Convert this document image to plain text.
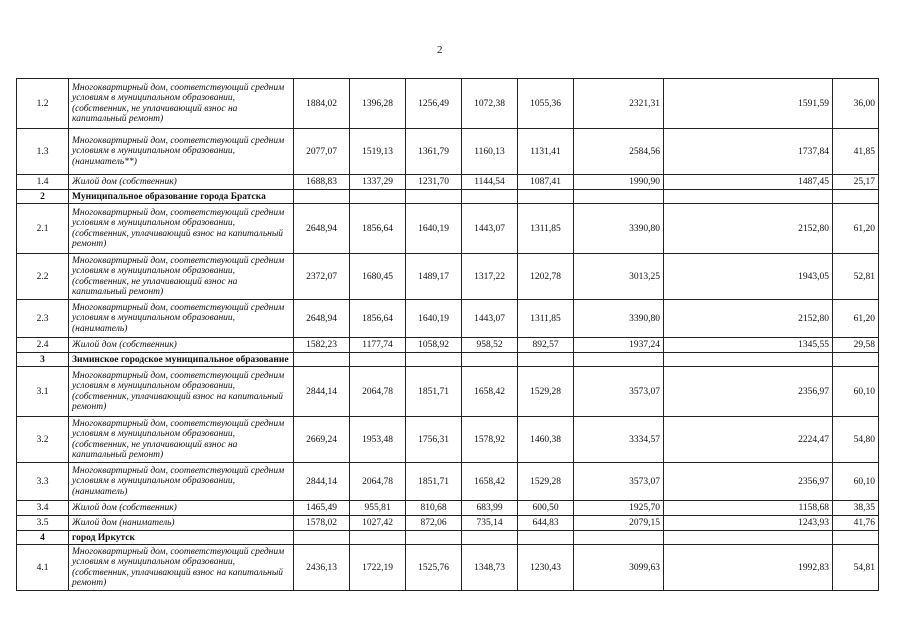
2
1.2	Многоквартирный дом, соответствующий средним условиям в муниципальном образовании, (собственник, не уплачивающий взнос на капитальный ремонт)	1884,02	1396,28	1256,49	1072,38	1055,36	2321,31	1591,59	36,00
1.3	Многоквартирный дом, соответствующий средним условиям в муниципальном образовании, (наниматель**)	2077,07	1519,13	1361,79	1160,13	1131,41	2584,56	1737,84	41,85
1.4	Жилой дом (собственник)	1688,83	1337,29	1231,70	1144,54	1087,41	1990,90	1487,45	25,17
2	Муниципальное образование города Братска								
2.1	Многоквартирный дом, соответствующий средним условиям в муниципальном образовании, (собственник, уплачивающий взнос на капитальный ремонт)	2648,94	1856,64	1640,19	1443,07	1311,85	3390,80	2152,80	61,20
2.2	Многоквартирный дом, соответствующий средним условиям в муниципальном образовании, (собственник, не уплачивающий взнос на капитальный ремонт)	2372,07	1680,45	1489,17	1317,22	1202,78	3013,25	1943,05	52,81
2.3	Многоквартирный дом, соответствующий средним условиям в муниципальном образовании, (наниматель)	2648,94	1856,64	1640,19	1443,07	1311,85	3390,80	2152,80	61,20
2.4	Жилой дом (собственник)	1582,23	1177,74	1058,92	958,52	892,57	1937,24	1345,55	29,58
3	Зиминское городское муниципальное образование								
3.1	Многоквартирный дом, соответствующий средним условиям в муниципальном образовании, (собственник, уплачивающий взнос на капитальный ремонт)	2844,14	2064,78	1851,71	1658,42	1529,28	3573,07	2356,97	60,10
3.2	Многоквартирный дом, соответствующий средним условиям в муниципальном образовании, (собственник, не уплачивающий взнос на капитальный ремонт)	2669,24	1953,48	1756,31	1578,92	1460,38	3334,57	2224,47	54,80
3.3	Многоквартирный дом, соответствующий средним условиям в муниципальном образовании, (наниматель)	2844,14	2064,78	1851,71	1658,42	1529,28	3573,07	2356,97	60,10
3.4	Жилой дом (собственник)	1465,49	955,81	810,68	683,99	600,50	1925,70	1158,68	38,35
3.5	Жилой дом (наниматель)	1578,02	1027,42	872,06	735,14	644,83	2079,15	1243,93	41,76
4	город Иркутск								
4.1	Многоквартирный дом, соответствующий средним условиям в муниципальном образовании, (собственник, уплачивающий взнос на капитальный ремонт)	2436,13	1722,19	1525,76	1348,73	1230,43	3099,63	1992,83	54,81
